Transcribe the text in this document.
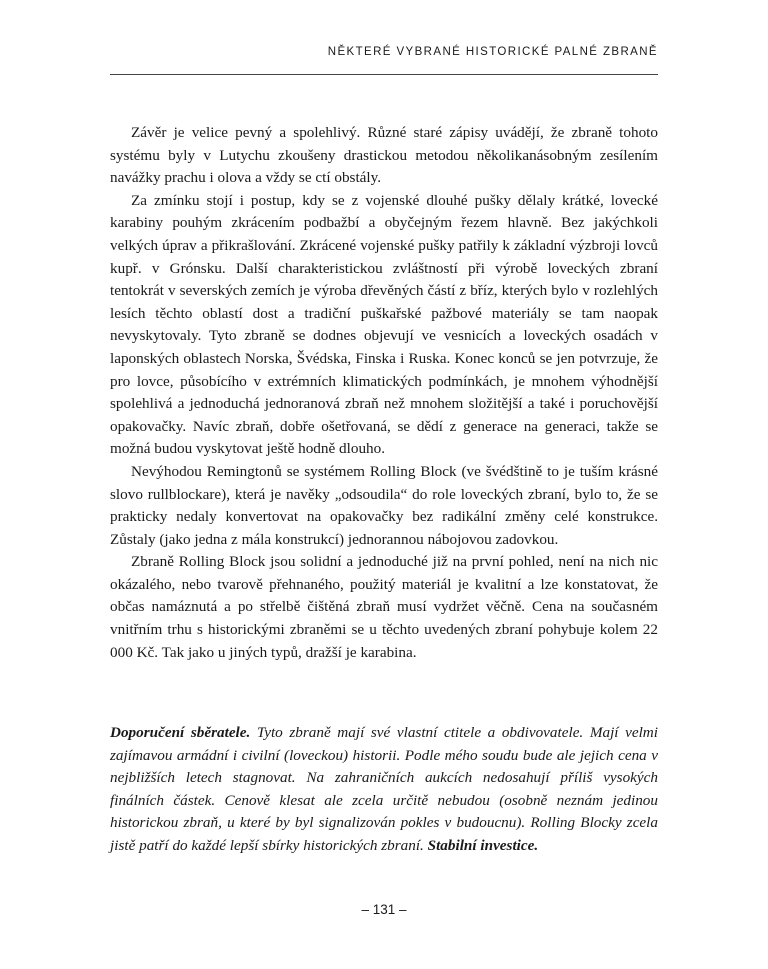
NĚKTERÉ VYBRANÉ HISTORICKÉ PALNÉ ZBRANĚ

Závěr je velice pevný a spolehlivý. Různé staré zápisy uvádějí, že zbraně tohoto systému byly v Lutychu zkoušeny drastickou metodou několikanásobným zesílením navážky prachu i olova a vždy se ctí obstály.

Za zmínku stojí i postup, kdy se z vojenské dlouhé pušky dělaly krátké, lovecké karabiny pouhým zkrácením podbažbí a obyčejným řezem hlavně. Bez jakýchkoli velkých úprav a přikrašlování. Zkrácené vojenské pušky patřily k základní výzbroji lovců kupř. v Grónsku. Další charakteristickou zvláštností při výrobě loveckých zbraní tentokrát v severských zemích je výroba dřevěných částí z bříz, kterých bylo v rozlehlých lesích těchto oblastí dost a tradiční puškařské pažbové materiály se tam naopak nevyskytovaly. Tyto zbraně se dodnes objevují ve vesnicích a loveckých osadách v laponských oblastech Norska, Švédska, Finska i Ruska. Konec konců se jen potvrzuje, že pro lovce, působícího v extrémních klimatických podmínkách, je mnohem výhodnější spolehlivá a jednoduchá jednoranová zbraň než mnohem složitější a také i poruchovější opakovačky. Navíc zbraň, dobře ošetřovaná, se dědí z generace na generaci, takže se možná budou vyskytovat ještě hodně dlouho.

Nevýhodou Remingtonů se systémem Rolling Block (ve švédštině to je tuším krásné slovo rullblockare), která je navěky „odsoudila“ do role loveckých zbraní, bylo to, že se prakticky nedaly konvertovat na opakovačky bez radikální změny celé konstrukce. Zůstaly (jako jedna z mála konstrukcí) jednorannou nábojovou zadovkou.

Zbraně Rolling Block jsou solidní a jednoduché již na první pohled, není na nich nic okázalého, nebo tvarově přehnaného, použitý materiál je kvalitní a lze konstatovat, že občas namáznutá a po střelbě čištěná zbraň musí vydržet věčně. Cena na současném vnitřním trhu s historickými zbraněmi se u těchto uvedených zbraní pohybuje kolem 22 000 Kč. Tak jako u jiných typů, dražší je karabina.

Doporučení sběratele. Tyto zbraně mají své vlastní ctitele a obdivovatele. Mají velmi zajímavou armádní i civilní (loveckou) historii. Podle mého soudu bude ale jejich cena v nejbližších letech stagnovat. Na zahraničních aukcích nedosahují příliš vysokých finálních částek. Cenově klesat ale zcela určitě nebudou (osobně neznám jedinou historickou zbraň, u které by byl signalizován pokles v budoucnu). Rolling Blocky zcela jistě patří do každé lepší sbírky historických zbraní. Stabilní investice.

– 131 –
